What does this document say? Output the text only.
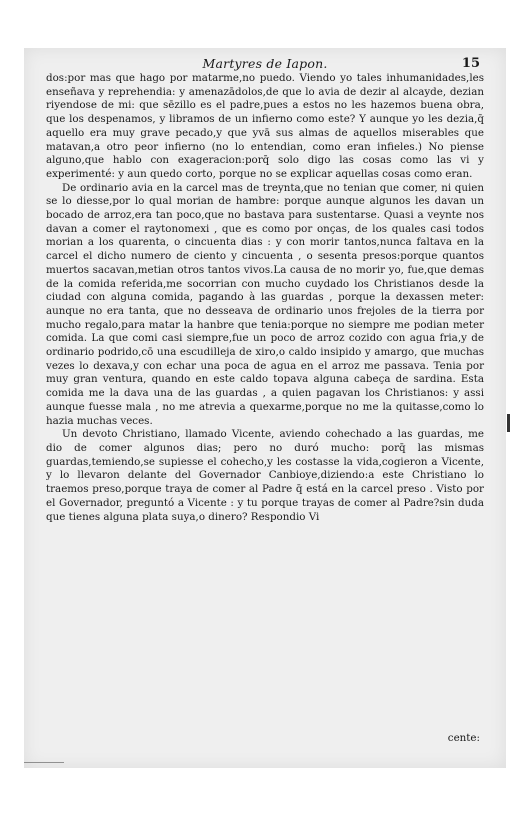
Martyres de Iapon.	15

dos:por mas que hago por matarme,no puedo. Viendo yo tales inhumanidades,les enseñava y reprehendia: y amenazādolos,de que lo avia de dezir al alcayde, dezian riyendose de mi: que sēzillo es el padre,pues a estos no les hazemos buena obra, que los despenamos, y libramos de un infierno como este? Y aunque yo les dezia,q̄ aquello era muy grave pecado,y que yvā sus almas de aquellos miserables que matavan,a otro peor infierno (no lo entendian, como eran infieles.) No piense alguno,que hablo con exageracion:porq̄ solo digo las cosas como las vi y experimenté: y aun quedo corto, porque no se explicar aquellas cosas como eran.

De ordinario avia en la carcel mas de treynta,que no tenian que comer, ni quien se lo diesse,por lo qual morian de hambre: porque aunque algunos les davan un bocado de arroz,era tan poco,que no bastava para sustentarse. Quasi a veynte nos davan a comer el raytonomexi , que es como por onças, de los quales casi todos morian a los quarenta, o cincuenta dias : y con morir tantos,nunca faltava en la carcel el dicho numero de ciento y cincuenta , o sesenta presos:porque quantos muertos sacavan,metian otros tantos vivos.La causa de no morir yo, fue,que demas de la comida referida,me socorrian con mucho cuydado los Christianos desde la ciudad con alguna comida, pagando à las guardas , porque la dexassen meter: aunque no era tanta, que no desseava de ordinario unos frejoles de la tierra por mucho regalo,para matar la hanbre que tenia:porque no siempre me podian meter comida. La que comi casi siempre,fue un poco de arroz cozido con agua fria,y de ordinario podrido,cō una escudilleja de xiro,o caldo insipido y amargo, que muchas vezes lo dexava,y con echar una poca de agua en el arroz me passava. Tenia por muy gran ventura, quando en este caldo topava alguna cabeça de sardina. Esta comida me la dava una de las guardas , a quien pagavan los Christianos: y assi aunque fuesse mala , no me atrevia a quexarme,porque no me la quitasse,como lo hazia muchas veces.

Un devoto Christiano, llamado Vicente, aviendo cohechado a las guardas, me dio de comer algunos dias; pero no duró mucho: porq̄ las mismas guardas,temiendo,se supiesse el cohecho,y les costasse la vida,cogieron a Vicente, y lo llevaron delante del Governador Canbioye,diziendo:a este Christiano lo traemos preso,porque traya de comer al Padre q̄ está en la carcel preso . Visto por el Governador, preguntó a Vicente : y tu porque trayas de comer al Padre?sin duda que tienes alguna plata suya,o dinero? Respondio Vi

cente:
